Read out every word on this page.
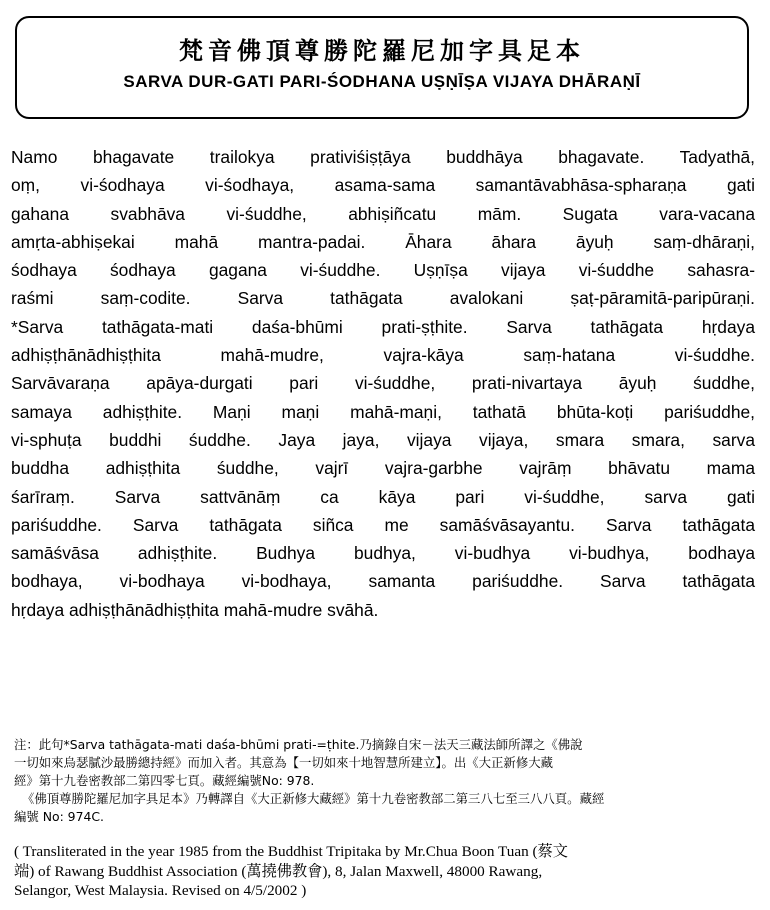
梵音佛頂尊勝陀羅尼加字具足本
SARVA DUR-GATI PARI-ŚODHANA UṢṆĪṢA VIJAYA DHĀRAṆĪ
Namo bhagavate trailokya prativiśiṣṭāya buddhāya bhagavate. Tadyathā,
oṃ, vi-śodhaya vi-śodhaya, asama-sama samantāvabhāsa-spharaṇa gati
gahana svabhāva vi-śuddhe, abhiṣiñcatu mām. Sugata vara-vacana
amṛta-abhiṣekai mahā mantra-padai. Āhara āhara āyuḥ saṃ-dhāraṇi,
śodhaya śodhaya gagana vi-śuddhe. Uṣṇīṣa vijaya vi-śuddhe sahasra-
raśmi saṃ-codite. Sarva tathāgata avalokani ṣaṭ-pāramitā-paripūraṇi.
*Sarva tathāgata-mati daśa-bhūmi prati-ṣṭhite. Sarva tathāgata hṛdaya
adhiṣṭhānādhiṣṭhita mahā-mudre, vajra-kāya saṃ-hatana vi-śuddhe.
Sarvāvaraṇa apāya-durgati pari vi-śuddhe, prati-nivartaya āyuḥ śuddhe,
samaya adhiṣṭhite. Maṇi maṇi mahā-maṇi, tathatā bhūta-koṭi pariśuddhe,
vi-sphuṭa buddhi śuddhe. Jaya jaya, vijaya vijaya, smara smara, sarva
buddha adhiṣṭhita śuddhe, vajrī vajra-garbhe vajrāṃ bhāvatu mama
śarīraṃ. Sarva sattvānāṃ ca kāya pari vi-śuddhe, sarva gati
pariśuddhe. Sarva tathāgata siñca me samāśvāsayantu. Sarva tathāgata
samāśvāsa adhiṣṭhite. Budhya budhya, vi-budhya vi-budhya, bodhaya
bodhaya, vi-bodhaya vi-bodhaya, samanta pariśuddhe. Sarva tathāgata
hṛdaya adhiṣṭhānādhiṣṭhita mahā-mudre svāhā.
注：此句*Sarva tathāgata-mati daśa-bhūmi prati-=ṭhite.乃摘錄自宋－法天三藏法師所譯之《佛說
一切如來烏瑟膩沙最勝總持經》而加入者。其意為【一切如來十地智慧所建立】。出《大正新修大藏
經》第十九卷密教部二第四零七頁。藏經編號No: 978.
《佛頂尊勝陀羅尼加字具足本》乃轉譯自《大正新修大藏經》第十九卷密教部二第三八七至三八八頁。藏經
編號 No: 974C.
( Transliterated in the year 1985 from the Buddhist Tripitaka by Mr.Chua Boon Tuan (蔡文
端) of Rawang Buddhist Association (萬撓佛教會), 8, Jalan Maxwell, 48000 Rawang,
Selangor, West Malaysia. Revised on 4/5/2002 )
